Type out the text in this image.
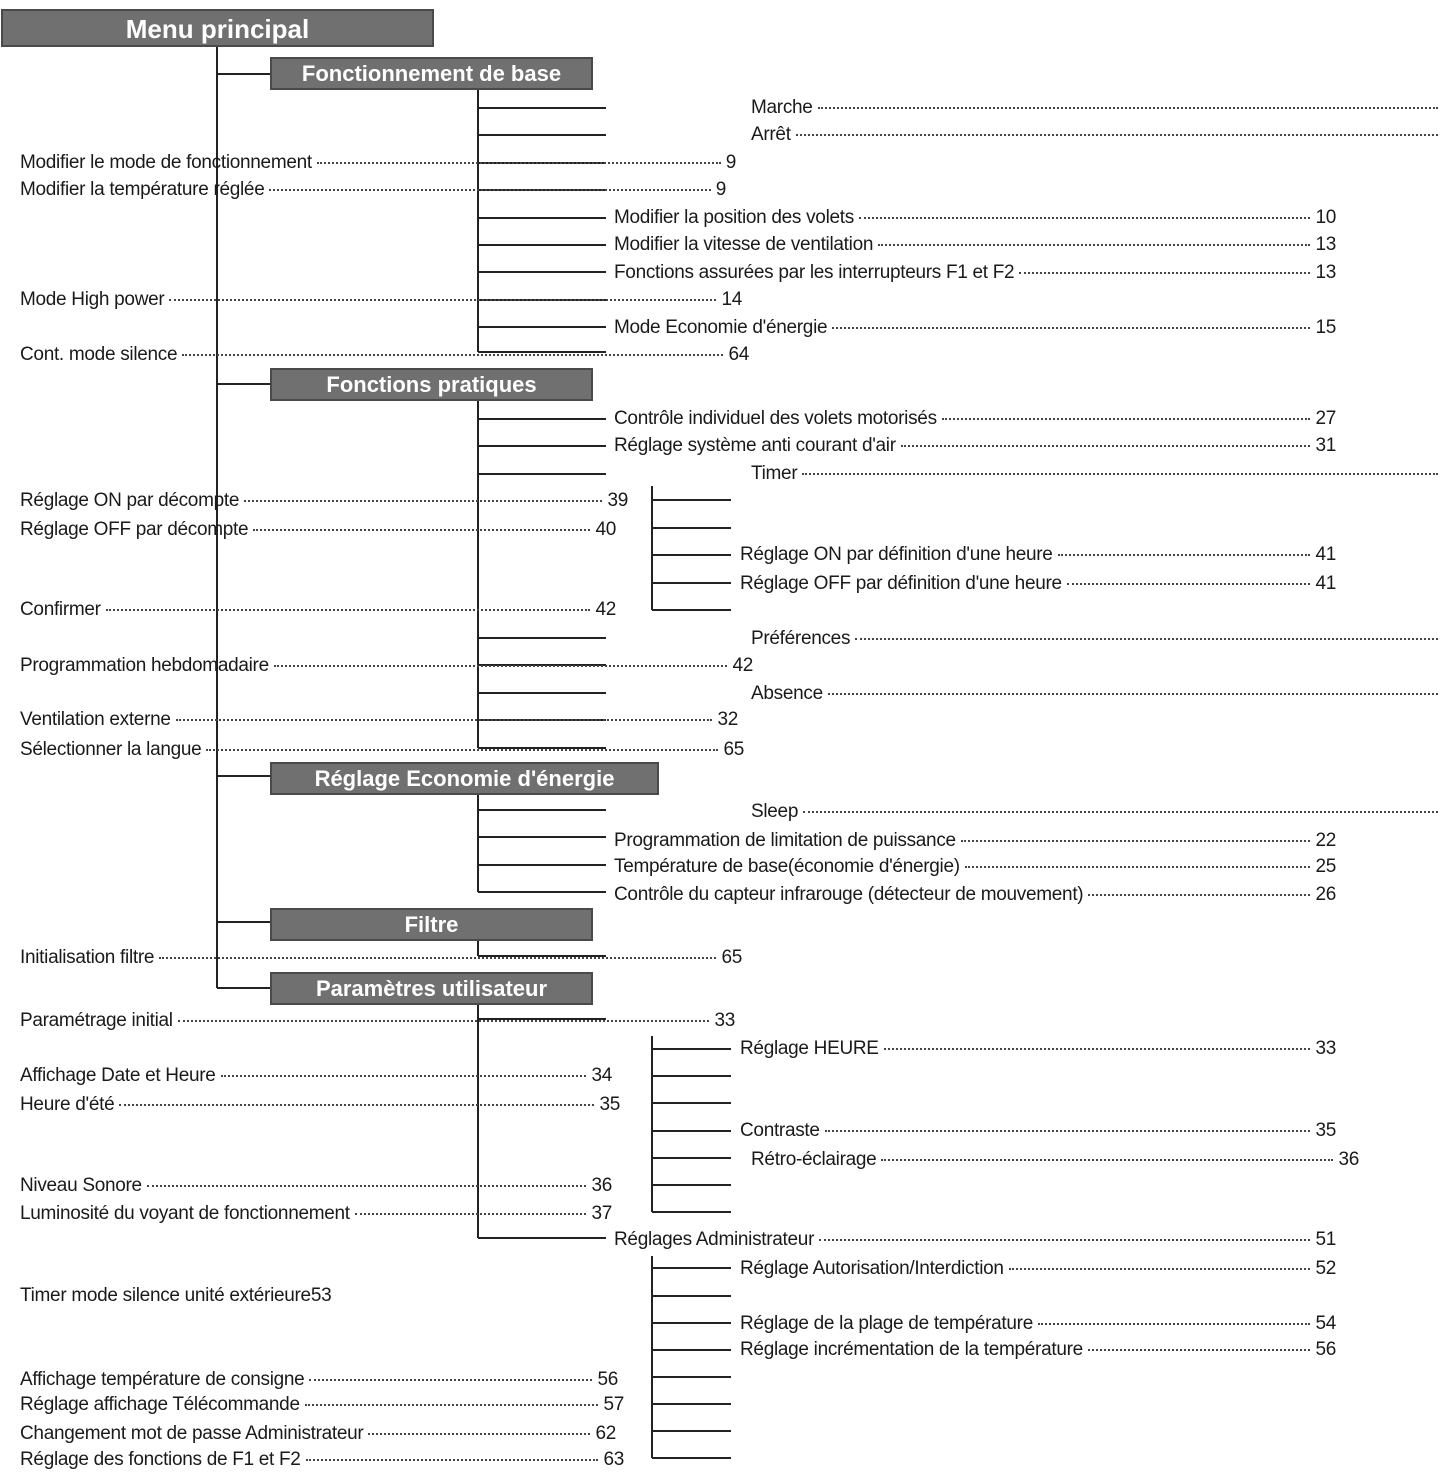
Menu principal
Fonctionnement de base
Fonctions pratiques
Réglage Economie d'énergie
Filtre
Paramètres utilisateur
Marche
Arrêt
Modifier le mode de fonctionnement	9
Modifier la température réglée	9
Modifier la position des volets	10
Modifier la vitesse de ventilation	13
Fonctions assurées par les interrupteurs F1 et F2	13
Mode High power	14
Mode Economie d'énergie	15
Cont. mode silence	64
Contrôle individuel des volets motorisés	27
Réglage système anti courant d'air	31
Timer
Réglage ON par décompte	39
Réglage OFF par décompte	40
Réglage ON par définition d'une heure	41
Réglage OFF par définition d'une heure	41
Confirmer	42
Préférences
Programmation hebdomadaire	42
Absence
Ventilation externe	32
Sélectionner la langue	65
Sleep
Programmation de limitation de puissance	22
Température de base(économie d'énergie)	25
Contrôle du capteur infrarouge (détecteur de mouvement)	26
Initialisation filtre	65
Paramétrage initial	33
Réglage HEURE	33
Affichage Date et Heure	34
Heure d'été	35
Contraste	35
Rétro-éclairage	36
Niveau Sonore	36
Luminosité du voyant de fonctionnement	37
Réglages Administrateur	51
Réglage Autorisation/Interdiction	52
Timer mode silence unité extérieure53
Réglage de la plage de température	54
Réglage incrémentation de la température	56
Affichage température de consigne	56
Réglage affichage Télécommande	57
Changement mot de passe Administrateur	62
Réglage des fonctions de F1 et F2	63
